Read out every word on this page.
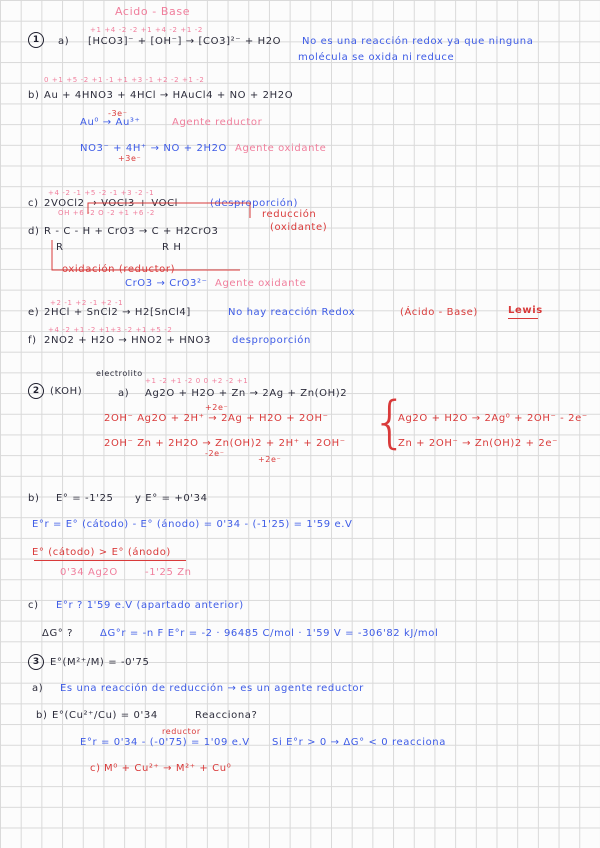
Acido - Base
1	a)
+1 +4 -2 -2 +1 +4 -2 +1 -2
[HCO3]⁻ + [OH⁻] → [CO3]²⁻ + H2O No es una reacción redox ya que ninguna
molécula se oxida ni reduce
0 +1 +5 -2 +1 -1 +1 +3 -1 +2 -2 +1 -2
b) Au + 4HNO3 + 4HCl → HAuCl4 + NO + 2H2O
-3e⁻
Au⁰ → Au³⁺	Agente reductor
NO3⁻ + 4H⁺ → NO + 2H2O Agente oxidante
+3e⁻
+4 -2 -1 +5 -2 -1 +3 -2 -1
c) 2VOCl2 → VOCl3 + VOCl	(desproporción)
OH +6 -2 O -2 +1 +6 -2	reducción
d) R - C - H + CrO3 → C + H2CrO3	(oxidante)
R	R H
oxidación (reductor)
CrO3 → CrO3²⁻ Agente oxidante
+2 -1 +2 -1 +2 -1
e) 2HCl + SnCl2 → H2[SnCl4]	No hay reacción Redox	(Ácido - Base)	Lewis
+4 -2 +1 -2 +1+3 -2 +1 +5 -2
f) 2NO2 + H2O → HNO2 + HNO3 desproporción
2	(KOH)
electrolito
+1 -2 +1 -2 0 0 +2 -2 +1
a) Ag2O + H2O + Zn → 2Ag + Zn(OH)2
+2e⁻
2OH⁻ Ag2O + 2H⁺ → 2Ag + H2O + 2OH⁻
2OH⁻ Zn + 2H2O → Zn(OH)2 + 2H⁺ + 2OH⁻
-2e⁻
+2e⁻
{
Ag2O + H2O → 2Ag⁰ + 2OH⁻ - 2e⁻
Zn + 2OH⁻ → Zn(OH)2 + 2e⁻
b) E° = -1'25 y E° = +0'34
E°r = E° (cátodo) - E° (ánodo) = 0'34 - (-1'25) = 1'59 e.V
E° (cátodo) > E° (ánodo)
0'34 Ag2O	-1'25 Zn
c) E°r ? 1'59 e.V (apartado anterior)
ΔG° ?	ΔG°r = -n F E°r = -2 · 96485 C/mol · 1'59 V = -306'82 kJ/mol
3	E°(M²⁺/M) = -0'75
a) Es una reacción de reducción → es un agente reductor
b) E°(Cu²⁺/Cu) = 0'34	Reacciona?
reductor
E°r = 0'34 - (-0'75) = 1'09 e.V Si E°r > 0 → ΔG° < 0 reacciona
c) M⁰ + Cu²⁺ → M²⁺ + Cu⁰
